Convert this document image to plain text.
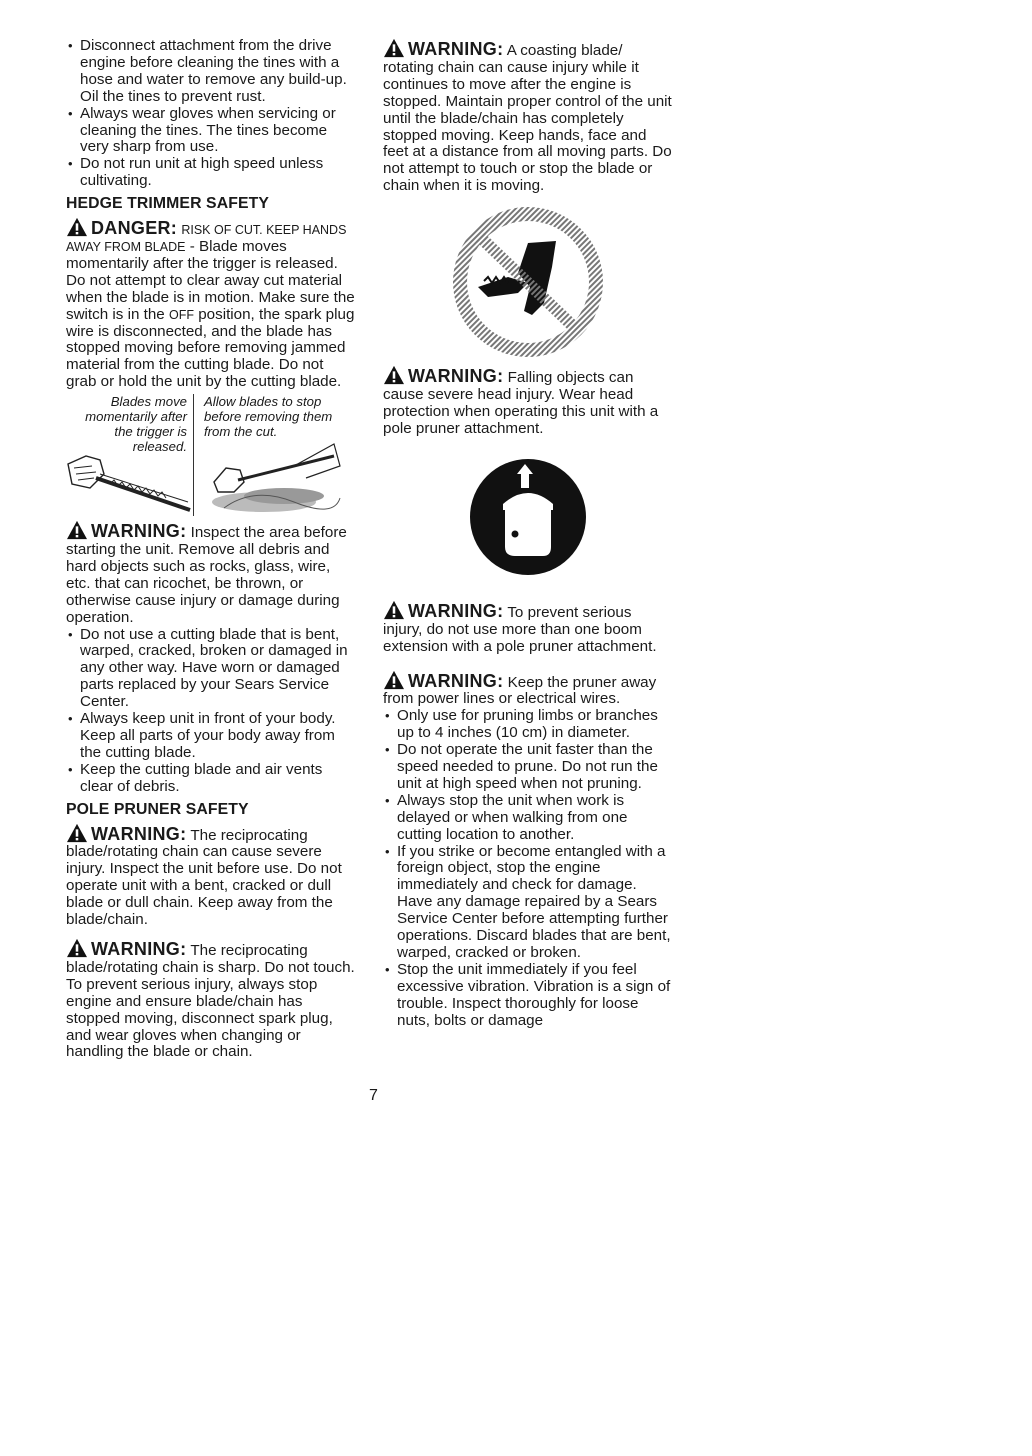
• Disconnect attachment from the drive engine before cleaning the tines with a hose and water to remove any build-up. Oil the tines to prevent rust.
• Always wear gloves when servicing or cleaning the tines. The tines become very sharp from use.
• Do not run unit at high speed unless cultivating.
HEDGE TRIMMER SAFETY
DANGER: RISK OF CUT. KEEP HANDS AWAY FROM BLADE - Blade moves momentarily after the trigger is released. Do not attempt to clear away cut material when the blade is in motion. Make sure the switch is in the OFF position, the spark plug wire is disconnected, and the blade has stopped moving before removing jammed material from the cutting blade. Do not grab or hold the unit by the cutting blade.
Blades move momentarily after the trigger is released.
Allow blades to stop before removing them from the cut.
WARNING: Inspect the area before starting the unit. Remove all debris and hard objects such as rocks, glass, wire, etc. that can ricochet, be thrown, or otherwise cause injury or damage during operation.
• Do not use a cutting blade that is bent, warped, cracked, broken or damaged in any other way. Have worn or damaged parts replaced by your Sears Service Center.
• Always keep unit in front of your body. Keep all parts of your body away from the cutting blade.
• Keep the cutting blade and air vents clear of debris.
POLE PRUNER SAFETY
WARNING: The reciprocating blade/rotating chain can cause severe injury. Inspect the unit before use. Do not operate unit with a bent, cracked or dull blade or dull chain. Keep away from the blade/chain.
WARNING: The reciprocating blade/rotating chain is sharp. Do not touch. To prevent serious injury, always stop engine and ensure blade/chain has stopped moving, disconnect spark plug, and wear gloves when changing or handling the blade or chain.
WARNING: A coasting blade/ rotating chain can cause injury while it continues to move after the engine is stopped. Maintain proper control of the unit until the blade/chain has completely stopped moving. Keep hands, face and feet at a distance from all moving parts. Do not attempt to touch or stop the blade or chain when it is moving.
WARNING: Falling objects can cause severe head injury. Wear head protection when operating this unit with a pole pruner attachment.
WARNING: To prevent serious injury, do not use more than one boom extension with a pole pruner attachment.
WARNING: Keep the pruner away from power lines or electrical wires.
• Only use for pruning limbs or branches up to 4 inches (10 cm) in diameter.
• Do not operate the unit faster than the speed needed to prune. Do not run the unit at high speed when not pruning.
• Always stop the unit when work is delayed or when walking from one cutting location to another.
• If you strike or become entangled with a foreign object, stop the engine immediately and check for damage. Have any damage repaired by a Sears Service Center before attempting further operations. Discard blades that are bent, warped, cracked or broken.
• Stop the unit immediately if you feel excessive vibration. Vibration is a sign of trouble. Inspect thoroughly for loose nuts, bolts or damage
7
